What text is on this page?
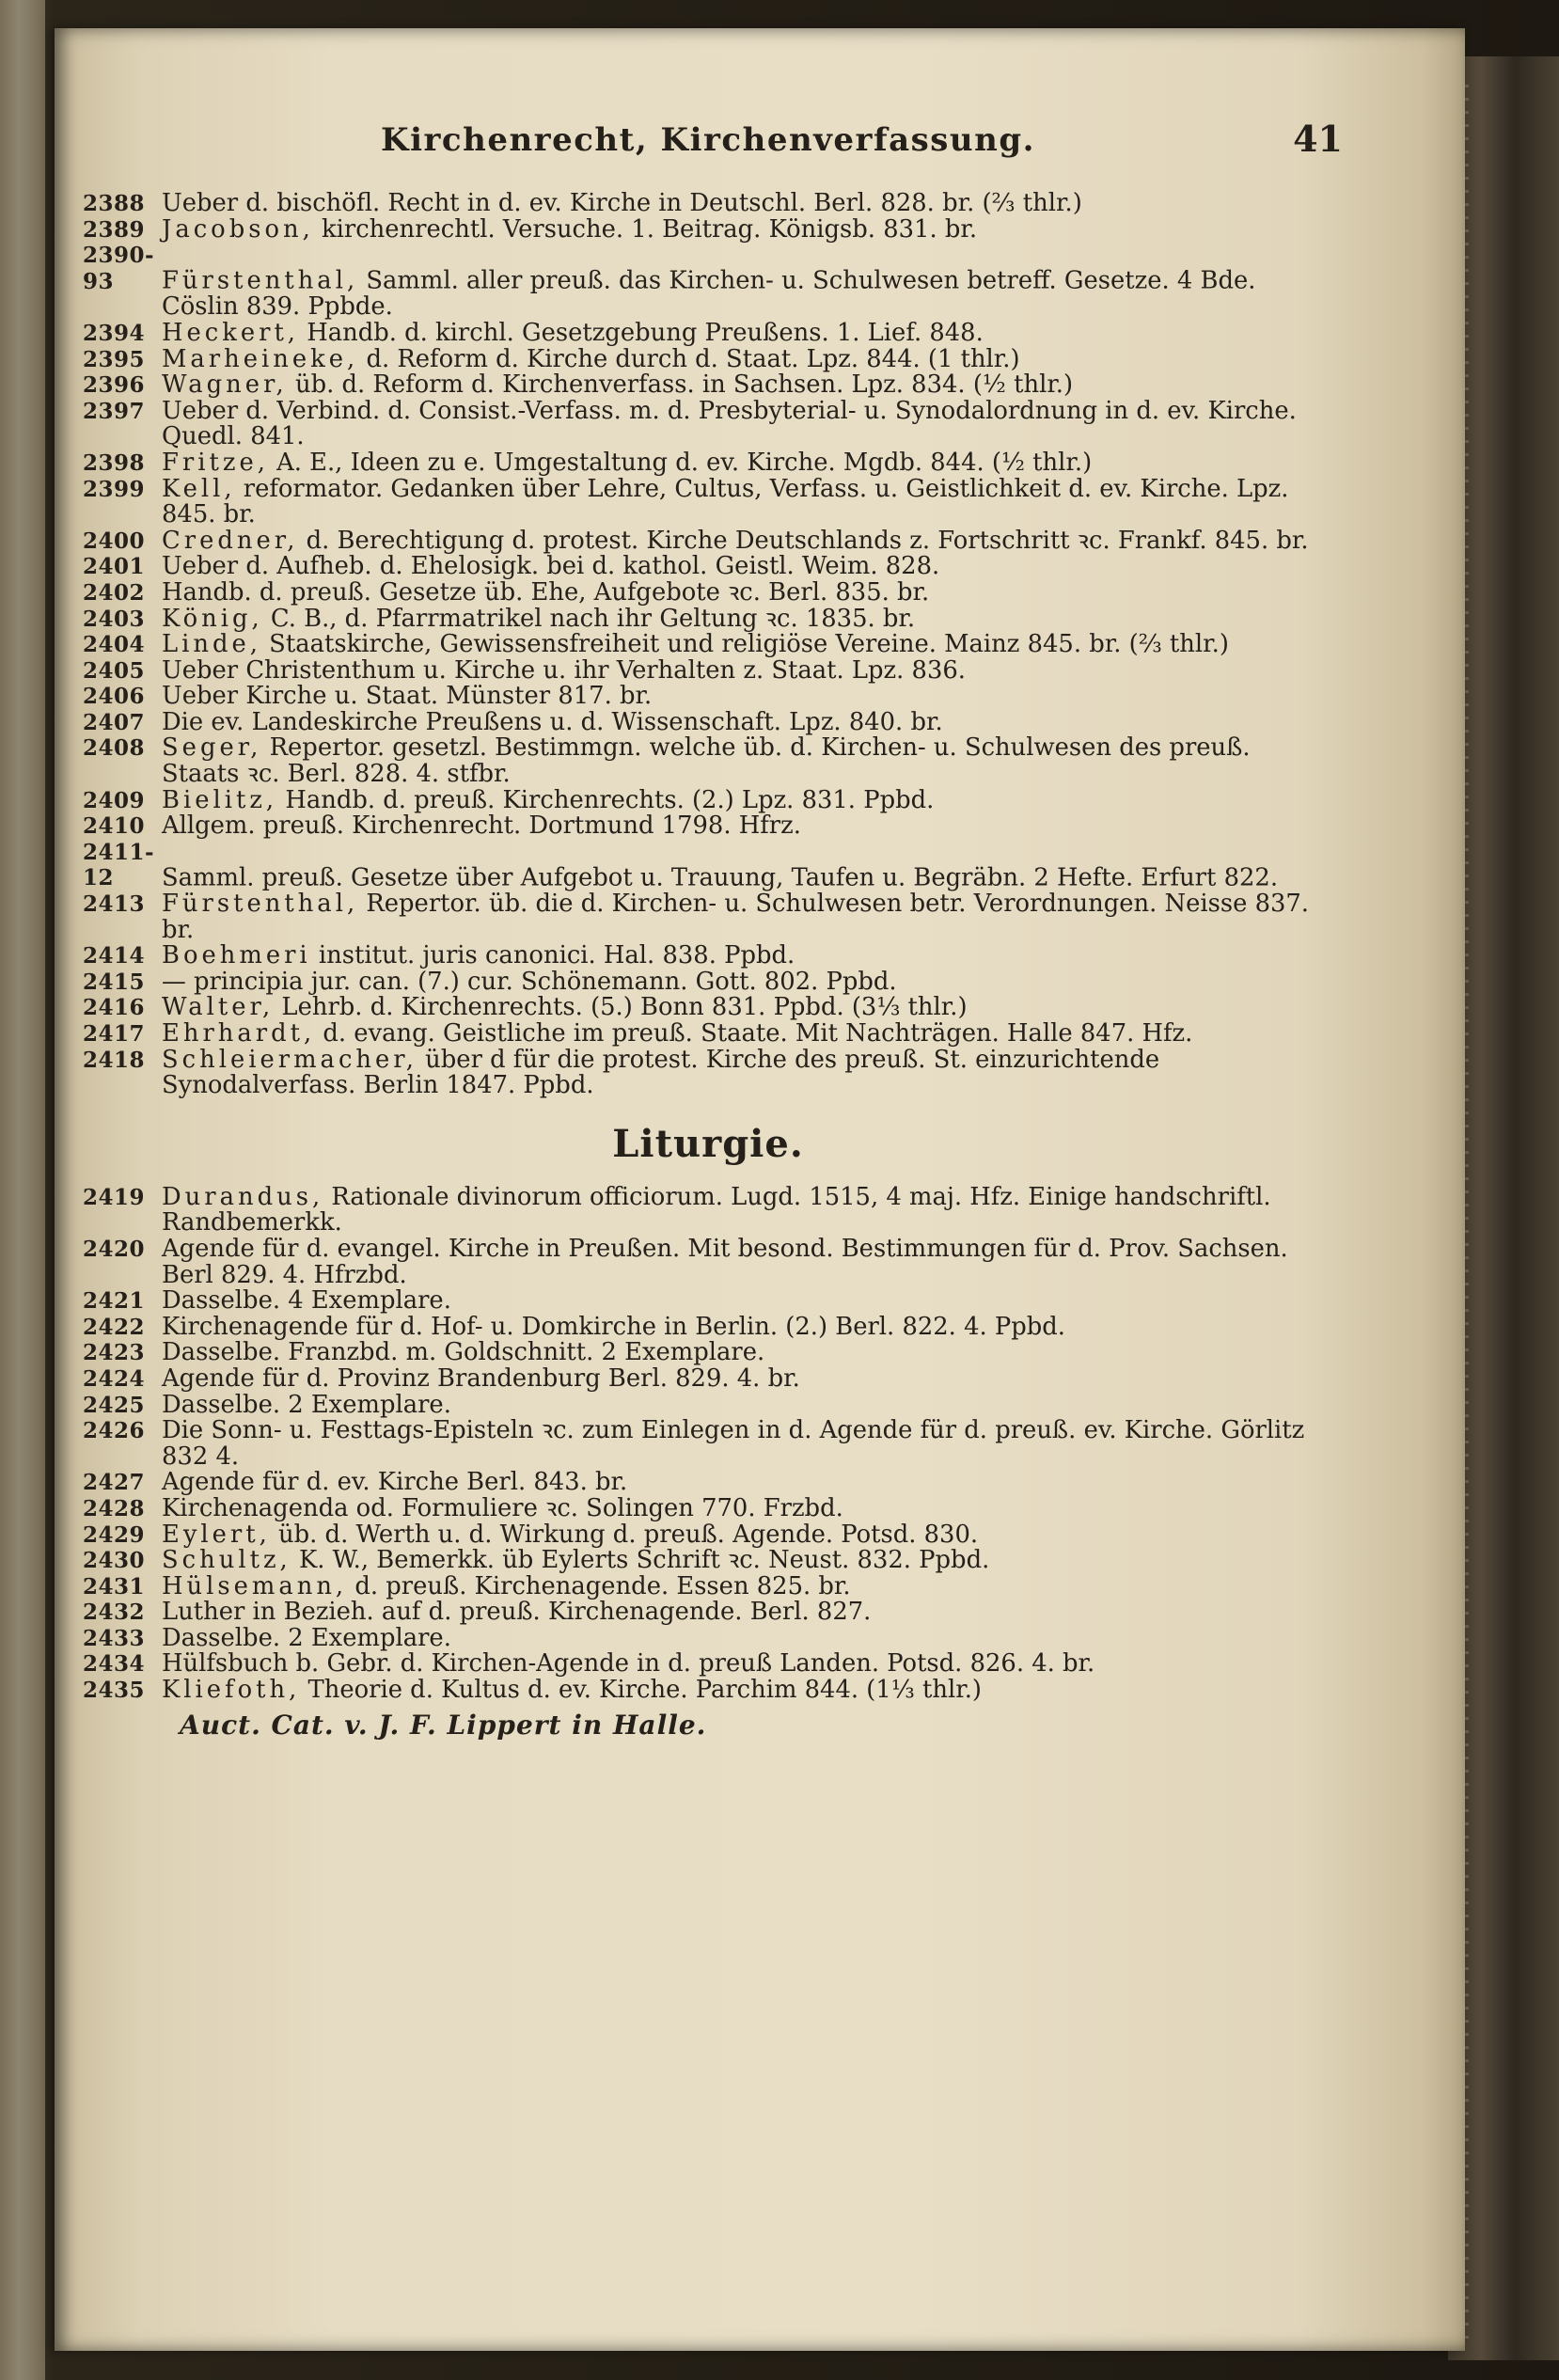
Kirchenrecht, Kirchenverfassung.	41
2388 Ueber d. bischöfl. Recht in d. ev. Kirche in Deutschl. Berl. 828. br. (⅔ thlr.)
2389 Jacobson, kirchenrechtl. Versuche. 1. Beitrag. Königsb. 831. br.
2390-93 Fürstenthal, Samml. aller preuß. das Kirchen- u. Schulwesen betreff. Gesetze. 4 Bde. Cöslin 839. Ppbde.
2394 Heckert, Handb. d. kirchl. Gesetzgebung Preußens. 1. Lief. 848.
2395 Marheineke, d. Reform d. Kirche durch d. Staat. Lpz. 844. (1 thlr.)
2396 Wagner, üb. d. Reform d. Kirchenverfass. in Sachsen. Lpz. 834. (½ thlr.)
2397 Ueber d. Verbind. d. Consist.-Verfass. m. d. Presbyterial- u. Synodalordnung in d. ev. Kirche. Quedl. 841.
2398 Fritze, A. E., Ideen zu e. Umgestaltung d. ev. Kirche. Mgdb. 844. (½ thlr.)
2399 Kell, reformator. Gedanken über Lehre, Cultus, Verfass. u. Geistlichkeit d. ev. Kirche. Lpz. 845. br.
2400 Credner, d. Berechtigung d. protest. Kirche Deutschlands z. Fortschritt ꝛc. Frankf. 845. br.
2401 Ueber d. Aufheb. d. Ehelosigk. bei d. kathol. Geistl. Weim. 828.
2402 Handb. d. preuß. Gesetze üb. Ehe, Aufgebote ꝛc. Berl. 835. br.
2403 König, C. B., d. Pfarrmatrikel nach ihr Geltung ꝛc. 1835. br.
2404 Linde, Staatskirche, Gewissensfreiheit und religiöse Vereine. Mainz 845. br. (⅔ thlr.)
2405 Ueber Christenthum u. Kirche u. ihr Verhalten z. Staat. Lpz. 836.
2406 Ueber Kirche u. Staat. Münster 817. br.
2407 Die ev. Landeskirche Preußens u. d. Wissenschaft. Lpz. 840. br.
2408 Seger, Repertor. gesetzl. Bestimmgn. welche üb. d. Kirchen- u. Schulwesen des preuß. Staats ꝛc. Berl. 828. 4. stfbr.
2409 Bielitz, Handb. d. preuß. Kirchenrechts. (2.) Lpz. 831. Ppbd.
2410 Allgem. preuß. Kirchenrecht. Dortmund 1798. Hfrz.
2411-12 Samml. preuß. Gesetze über Aufgebot u. Trauung, Taufen u. Begräbn. 2 Hefte. Erfurt 822.
2413 Fürstenthal, Repertor. üb. die d. Kirchen- u. Schulwesen betr. Verordnungen. Neisse 837. br.
2414 Boehmeri institut. juris canonici. Hal. 838. Ppbd.
2415 — principia jur. can. (7.) cur. Schönemann. Gott. 802. Ppbd.
2416 Walter, Lehrb. d. Kirchenrechts. (5.) Bonn 831. Ppbd. (3⅓ thlr.)
2417 Ehrhardt, d. evang. Geistliche im preuß. Staate. Mit Nachträgen. Halle 847. Hfz.
2418 Schleiermacher, über d für die protest. Kirche des preuß. St. einzurichtende Synodalverfass. Berlin 1847. Ppbd.
Liturgie.
2419 Durandus, Rationale divinorum officiorum. Lugd. 1515, 4 maj. Hfz. Einige handschriftl. Randbemerkk.
2420 Agende für d. evangel. Kirche in Preußen. Mit besond. Bestimmungen für d. Prov. Sachsen. Berl 829. 4. Hfrzbd.
2421 Dasselbe. 4 Exemplare.
2422 Kirchenagende für d. Hof- u. Domkirche in Berlin. (2.) Berl. 822. 4. Ppbd.
2423 Dasselbe. Franzbd. m. Goldschnitt. 2 Exemplare.
2424 Agende für d. Provinz Brandenburg Berl. 829. 4. br.
2425 Dasselbe. 2 Exemplare.
2426 Die Sonn- u. Festtags-Episteln ꝛc. zum Einlegen in d. Agende für d. preuß. ev. Kirche. Görlitz 832 4.
2427 Agende für d. ev. Kirche Berl. 843. br.
2428 Kirchenagenda od. Formuliere ꝛc. Solingen 770. Frzbd.
2429 Eylert, üb. d. Werth u. d. Wirkung d. preuß. Agende. Potsd. 830.
2430 Schultz, K. W., Bemerkk. üb Eylerts Schrift ꝛc. Neust. 832. Ppbd.
2431 Hülsemann, d. preuß. Kirchenagende. Essen 825. br.
2432 Luther in Bezieh. auf d. preuß. Kirchenagende. Berl. 827.
2433 Dasselbe. 2 Exemplare.
2434 Hülfsbuch b. Gebr. d. Kirchen-Agende in d. preuß Landen. Potsd. 826. 4. br.
2435 Kliefoth, Theorie d. Kultus d. ev. Kirche. Parchim 844. (1⅓ thlr.)
Auct. Cat. v. J. F. Lippert in Halle.
